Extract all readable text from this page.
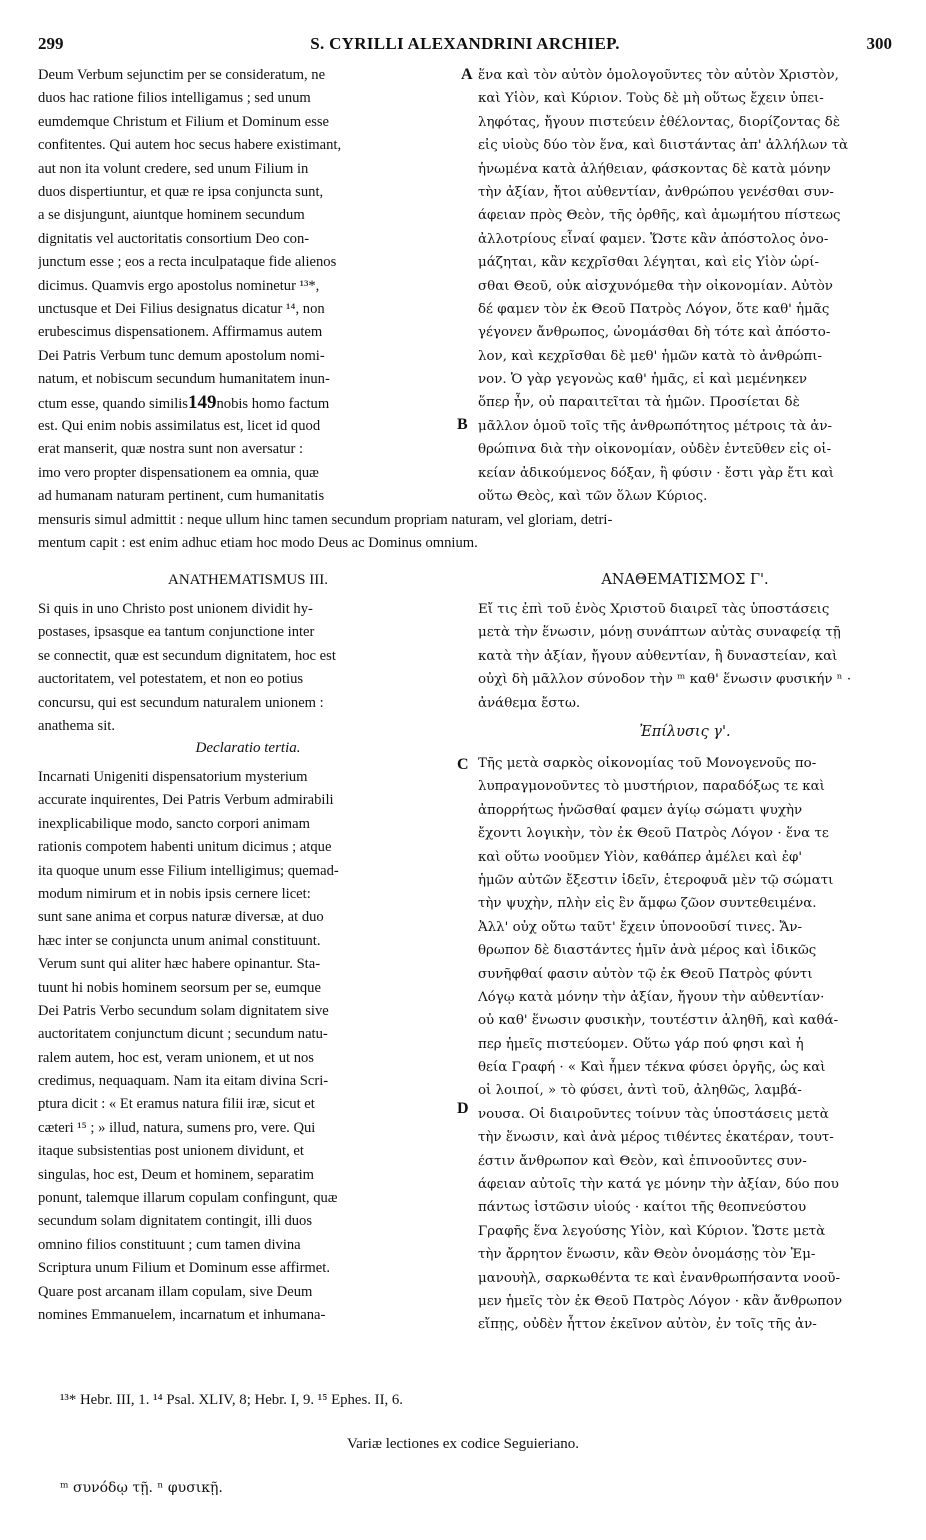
299	S. CYRILLI ALEXANDRINI ARCHIEP.	300
A
B
C
D
Deum Verbum sejunctim per se consideratum, ne
duos hac ratione filios intelligamus ; sed unum
eumdemque Christum et Filium et Dominum esse
confitentes. Qui autem hoc secus habere existimant,
aut non ita volunt credere, sed unum Filium in
duos dispertiuntur, et quæ re ipsa conjuncta sunt,
a se disjungunt, aiuntque hominem secundum
dignitatis vel auctoritatis consortium Deo con-
junctum esse ; eos a recta inculpataque fide alienos
dicimus. Quamvis ergo apostolus nominetur ¹³*,
unctusque et Dei Filius designatus dicatur ¹⁴, non
erubescimus dispensationem. Affirmamus autem
Dei Patris Verbum tunc demum apostolum nomi-
natum, et nobiscum secundum humanitatem inun-
ctum esse, quando similis 149 nobis homo factum
est. Qui enim nobis assimilatus est, licet id quod
erat manserit, quæ nostra sunt non aversatur :
imo vero propter dispensationem ea omnia, quæ
ad humanam naturam pertinent, cum humanitatis
ἕνα καὶ τὸν αὐτὸν ὁμολογοῦντες τὸν αὐτὸν Χριστὸν,
καὶ Υἱὸν, καὶ Κύριον. Τοὺς δὲ μὴ οὕτως ἔχειν ὑπει-
ληφότας, ἤγουν πιστεύειν ἐθέλοντας, διορίζοντας δὲ
εἰς υἱοὺς δύο τὸν ἕνα, καὶ διιστάντας ἀπ' ἀλλήλων τὰ
ἡνωμένα κατὰ ἀλήθειαν, φάσκοντας δὲ κατὰ μόνην
τὴν ἀξίαν, ἤτοι αὐθεντίαν, ἀνθρώπου γενέσθαι συν-
άφειαν πρὸς Θεὸν, τῆς ὀρθῆς, καὶ ἀμωμήτου πίστεως
ἀλλοτρίους εἶναί φαμεν. Ὥστε κἂν ἀπόστολος ὀνο-
μάζηται, κἂν κεχρῖσθαι λέγηται, καὶ εἰς Υἱὸν ὡρί-
σθαι Θεοῦ, οὐκ αἰσχυνόμεθα τὴν οἰκονομίαν. Αὐτὸν
δέ φαμεν τὸν ἐκ Θεοῦ Πατρὸς Λόγον, ὅτε καθ' ἡμᾶς
γέγονεν ἄνθρωπος, ὠνομάσθαι δὴ τότε καὶ ἀπόστο-
λον, καὶ κεχρῖσθαι δὲ μεθ' ἡμῶν κατὰ τὸ ἀνθρώπι-
νον. Ὁ γὰρ γεγονὼς καθ' ἡμᾶς, εἰ καὶ μεμένηκεν
ὅπερ ἦν, οὐ παραιτεῖται τὰ ἡμῶν. Προσίεται δὲ
μᾶλλον ὁμοῦ τοῖς τῆς ἀνθρωπότητος μέτροις τὰ ἀν-
θρώπινα διὰ τὴν οἰκονομίαν, οὐδὲν ἐντεῦθεν εἰς οἰ-
κείαν ἀδικούμενος δόξαν, ἢ φύσιν · ἔστι γὰρ ἔτι καὶ
οὕτω Θεὸς, καὶ τῶν ὅλων Κύριος.
mensuris simul admittit : neque ullum hinc tamen secundum propriam naturam, vel gloriam, detri-
mentum capit : est enim adhuc etiam hoc modo Deus ac Dominus omnium.
ANATHEMATISMUS III.	ΑΝΑΘΕΜΑΤΙΣΜΟΣ Γ'.
Si quis in uno Christo post unionem dividit hy-
postases, ipsasque ea tantum conjunctione inter
se connectit, quæ est secundum dignitatem, hoc est
auctoritatem, vel potestatem, et non eo potius
concursu, qui est secundum naturalem unionem :
anathema sit.
Εἴ τις ἐπὶ τοῦ ἑνὸς Χριστοῦ διαιρεῖ τὰς ὑποστάσεις
μετὰ τὴν ἕνωσιν, μόνῃ συνάπτων αὐτὰς συναφείᾳ τῇ
κατὰ τὴν ἀξίαν, ἤγουν αὐθεντίαν, ἢ δυναστείαν, καὶ
οὐχὶ δὴ μᾶλλον σύνοδον τὴν ᵐ καθ' ἕνωσιν φυσικήν ⁿ ·
ἀνάθεμα ἔστω.
Declaratio tertia.
Ἐπίλυσις γ'.
Incarnati Unigeniti dispensatorium mysterium
accurate inquirentes, Dei Patris Verbum admirabili
inexplicabilique modo, sancto corpori animam
rationis compotem habenti unitum dicimus ; atque
ita quoque unum esse Filium intelligimus; quemad-
modum nimirum et in nobis ipsis cernere licet:
sunt sane anima et corpus naturæ diversæ, at duo
hæc inter se conjuncta unum animal constituunt.
Verum sunt qui aliter hæc habere opinantur. Sta-
tuunt hi nobis hominem seorsum per se, eumque
Dei Patris Verbo secundum solam dignitatem sive
auctoritatem conjunctum dicunt ; secundum natu-
ralem autem, hoc est, veram unionem, et ut nos
credimus, nequaquam. Nam ita eitam divina Scri-
ptura dicit : « Et eramus natura filii iræ, sicut et
cæteri ¹⁵ ; » illud, natura, sumens pro, vere. Qui
itaque subsistentias post unionem dividunt, et
singulas, hoc est, Deum et hominem, separatim
ponunt, talemque illarum copulam confingunt, quæ
secundum solam dignitatem contingit, illi duos
omnino filios constituunt ; cum tamen divina
Scriptura unum Filium et Dominum esse affirmet.
Quare post arcanam illam copulam, sive Deum
nomines Emmanuelem, incarnatum et inhumana-
Τῆς μετὰ σαρκὸς οἰκονομίας τοῦ Μονογενοῦς πο-
λυπραγμονοῦντες τὸ μυστήριον, παραδόξως τε καὶ
ἀπορρήτως ἡνῶσθαί φαμεν ἁγίῳ σώματι ψυχὴν
ἔχοντι λογικὴν, τὸν ἐκ Θεοῦ Πατρὸς Λόγον · ἕνα τε
καὶ οὕτω νοοῦμεν Υἱὸν, καθάπερ ἀμέλει καὶ ἐφ'
ἡμῶν αὐτῶν ἔξεστιν ἰδεῖν, ἑτεροφυᾶ μὲν τῷ σώματι
τὴν ψυχὴν, πλὴν εἰς ἓν ἄμφω ζῶον συντεθειμένα.
Ἀλλ' οὐχ οὕτω ταῦτ' ἔχειν ὑπονοοῦσί τινες. Ἄν-
θρωπον δὲ διαστάντες ἡμῖν ἀνὰ μέρος καὶ ἰδικῶς
συνῆφθαί φασιν αὐτὸν τῷ ἐκ Θεοῦ Πατρὸς φύντι
Λόγῳ κατὰ μόνην τὴν ἀξίαν, ἤγουν τὴν αὐθεντίαν·
οὐ καθ' ἕνωσιν φυσικὴν, τουτέστιν ἀληθῆ, καὶ καθά-
περ ἡμεῖς πιστεύομεν. Οὕτω γάρ πού φησι καὶ ἡ
θεία Γραφή · « Καὶ ἦμεν τέκνα φύσει ὀργῆς, ὡς καὶ
οἱ λοιποί, » τὸ φύσει, ἀντὶ τοῦ, ἀληθῶς, λαμβά-
νουσα. Οἱ διαιροῦντες τοίνυν τὰς ὑποστάσεις μετὰ
τὴν ἕνωσιν, καὶ ἀνὰ μέρος τιθέντες ἑκατέραν, τουτ-
έστιν ἄνθρωπον καὶ Θεὸν, καὶ ἐπινοοῦντες συν-
άφειαν αὐτοῖς τὴν κατά γε μόνην τὴν ἀξίαν, δύο που
πάντως ἱστῶσιν υἱούς · καίτοι τῆς θεοπνεύστου
Γραφῆς ἕνα λεγούσης Υἱὸν, καὶ Κύριον. Ὥστε μετὰ
τὴν ἄρρητον ἕνωσιν, κἂν Θεὸν ὀνομάσῃς τὸν Ἐμ-
μανουὴλ, σαρκωθέντα τε καὶ ἐνανθρωπήσαντα νοοῦ-
μεν ἡμεῖς τὸν ἐκ Θεοῦ Πατρὸς Λόγον · κἂν ἄνθρωπον
εἴπῃς, οὐδὲν ἧττον ἐκεῖνον αὐτὸν, ἐν τοῖς τῆς ἀν-
¹³* Hebr. III, 1. ¹⁴ Psal. XLIV, 8; Hebr. I, 9. ¹⁵ Ephes. II, 6.
Variæ lectiones ex codice Seguieriano.
ᵐ συνόδῳ τῇ. ⁿ φυσικῇ.
